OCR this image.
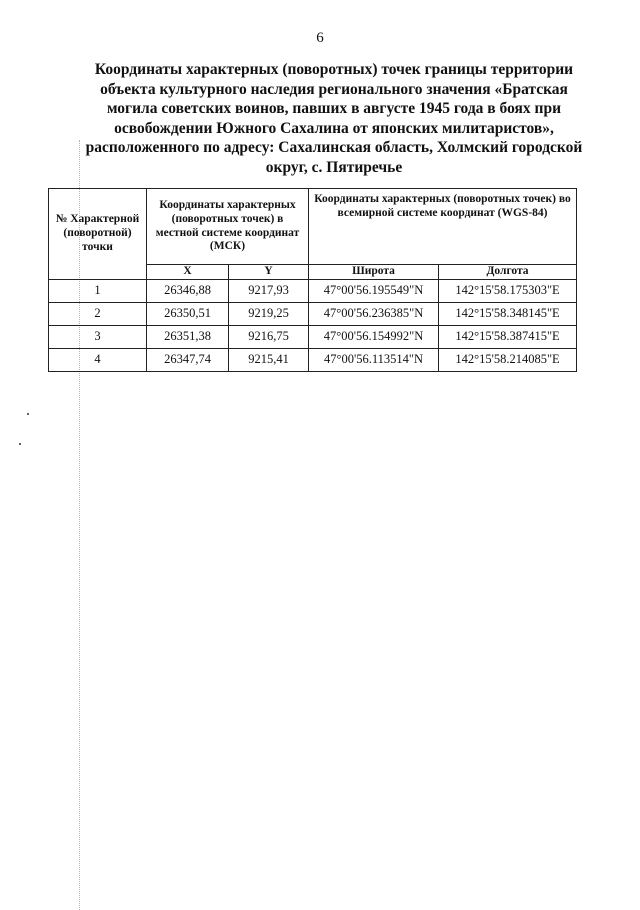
6
Координаты характерных (поворотных) точек границы территории
объекта культурного наследия регионального значения «Братская
могила советских воинов, павших в августе 1945 года в боях при
освобождении Южного Сахалина от японских милитаристов»,
расположенного по адресу: Сахалинская область, Холмский городской
округ, с. Пятиречье
№ Характерной (поворотной) точки	Координаты характерных (поворотных точек) в местной системе координат (МСК)		Координаты характерных (поворотных точек) во всемирной системе координат (WGS-84)	
	X	Y	Широта	Долгота
1	26346,88	9217,93	47°00'56.195549"N	142°15'58.175303"E
2	26350,51	9219,25	47°00'56.236385"N	142°15'58.348145"E
3	26351,38	9216,75	47°00'56.154992"N	142°15'58.387415"E
4	26347,74	9215,41	47°00'56.113514"N	142°15'58.214085"E
